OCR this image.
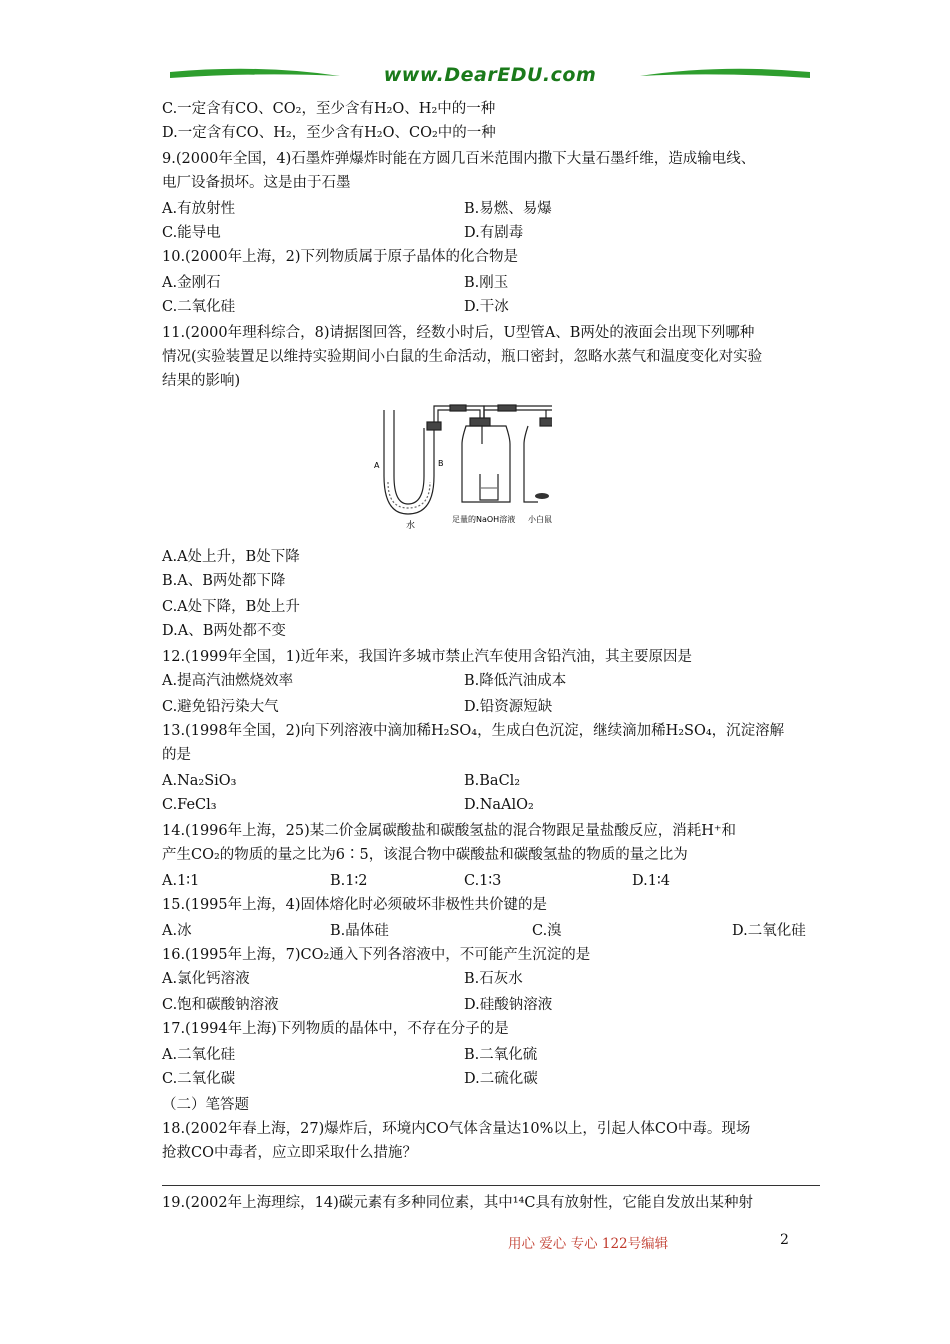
www.DearEDU.com
C.一定含有CO、CO₂，至少含有H₂O、H₂中的一种
D.一定含有CO、H₂，至少含有H₂O、CO₂中的一种
9.(2000年全国，4)石墨炸弹爆炸时能在方圆几百米范围内撒下大量石墨纤维，造成输电线、
电厂设备损坏。这是由于石墨
A.有放射性	B.易燃、易爆
C.能导电	D.有剧毒
10.(2000年上海，2)下列物质属于原子晶体的化合物是
A.金刚石	B.刚玉
C.二氧化硅	D.干冰
11.(2000年理科综合，8)请据图回答，经数小时后，U型管A、B两处的液面会出现下列哪种
情况(实验装置足以维持实验期间小白鼠的生命活动，瓶口密封，忽略水蒸气和温度变化对实验
结果的影响)
A	B
水
足量的NaOH溶液 小白鼠
A.A处上升，B处下降
B.A、B两处都下降
C.A处下降，B处上升
D.A、B两处都不变
12.(1999年全国，1)近年来，我国许多城市禁止汽车使用含铅汽油，其主要原因是
A.提高汽油燃烧效率	B.降低汽油成本
C.避免铅污染大气	D.铅资源短缺
13.(1998年全国，2)向下列溶液中滴加稀H₂SO₄，生成白色沉淀，继续滴加稀H₂SO₄，沉淀溶解
的是
A.Na₂SiO₃	B.BaCl₂
C.FeCl₃	D.NaAlO₂
14.(1996年上海，25)某二价金属碳酸盐和碳酸氢盐的混合物跟足量盐酸反应，消耗H⁺和
产生CO₂的物质的量之比为6∶5，该混合物中碳酸盐和碳酸氢盐的物质的量之比为
A.1∶1	B.1∶2	C.1∶3	D.1∶4
15.(1995年上海，4)固体熔化时必须破坏非极性共价键的是
A.冰	B.晶体硅	C.溴	D.二氧化硅
16.(1995年上海，7)CO₂通入下列各溶液中，不可能产生沉淀的是
A.氯化钙溶液	B.石灰水
C.饱和碳酸钠溶液	D.硅酸钠溶液
17.(1994年上海)下列物质的晶体中，不存在分子的是
A.二氧化硅	B.二氧化硫
C.二氧化碳	D.二硫化碳
（二）笔答题
18.(2002年春上海，27)爆炸后，环境内CO气体含量达10%以上，引起人体CO中毒。现场
抢救CO中毒者，应立即采取什么措施？
19.(2002年上海理综，14)碳元素有多种同位素，其中¹⁴C具有放射性，它能自发放出某种射
用心 爱心 专心 122号编辑	2
